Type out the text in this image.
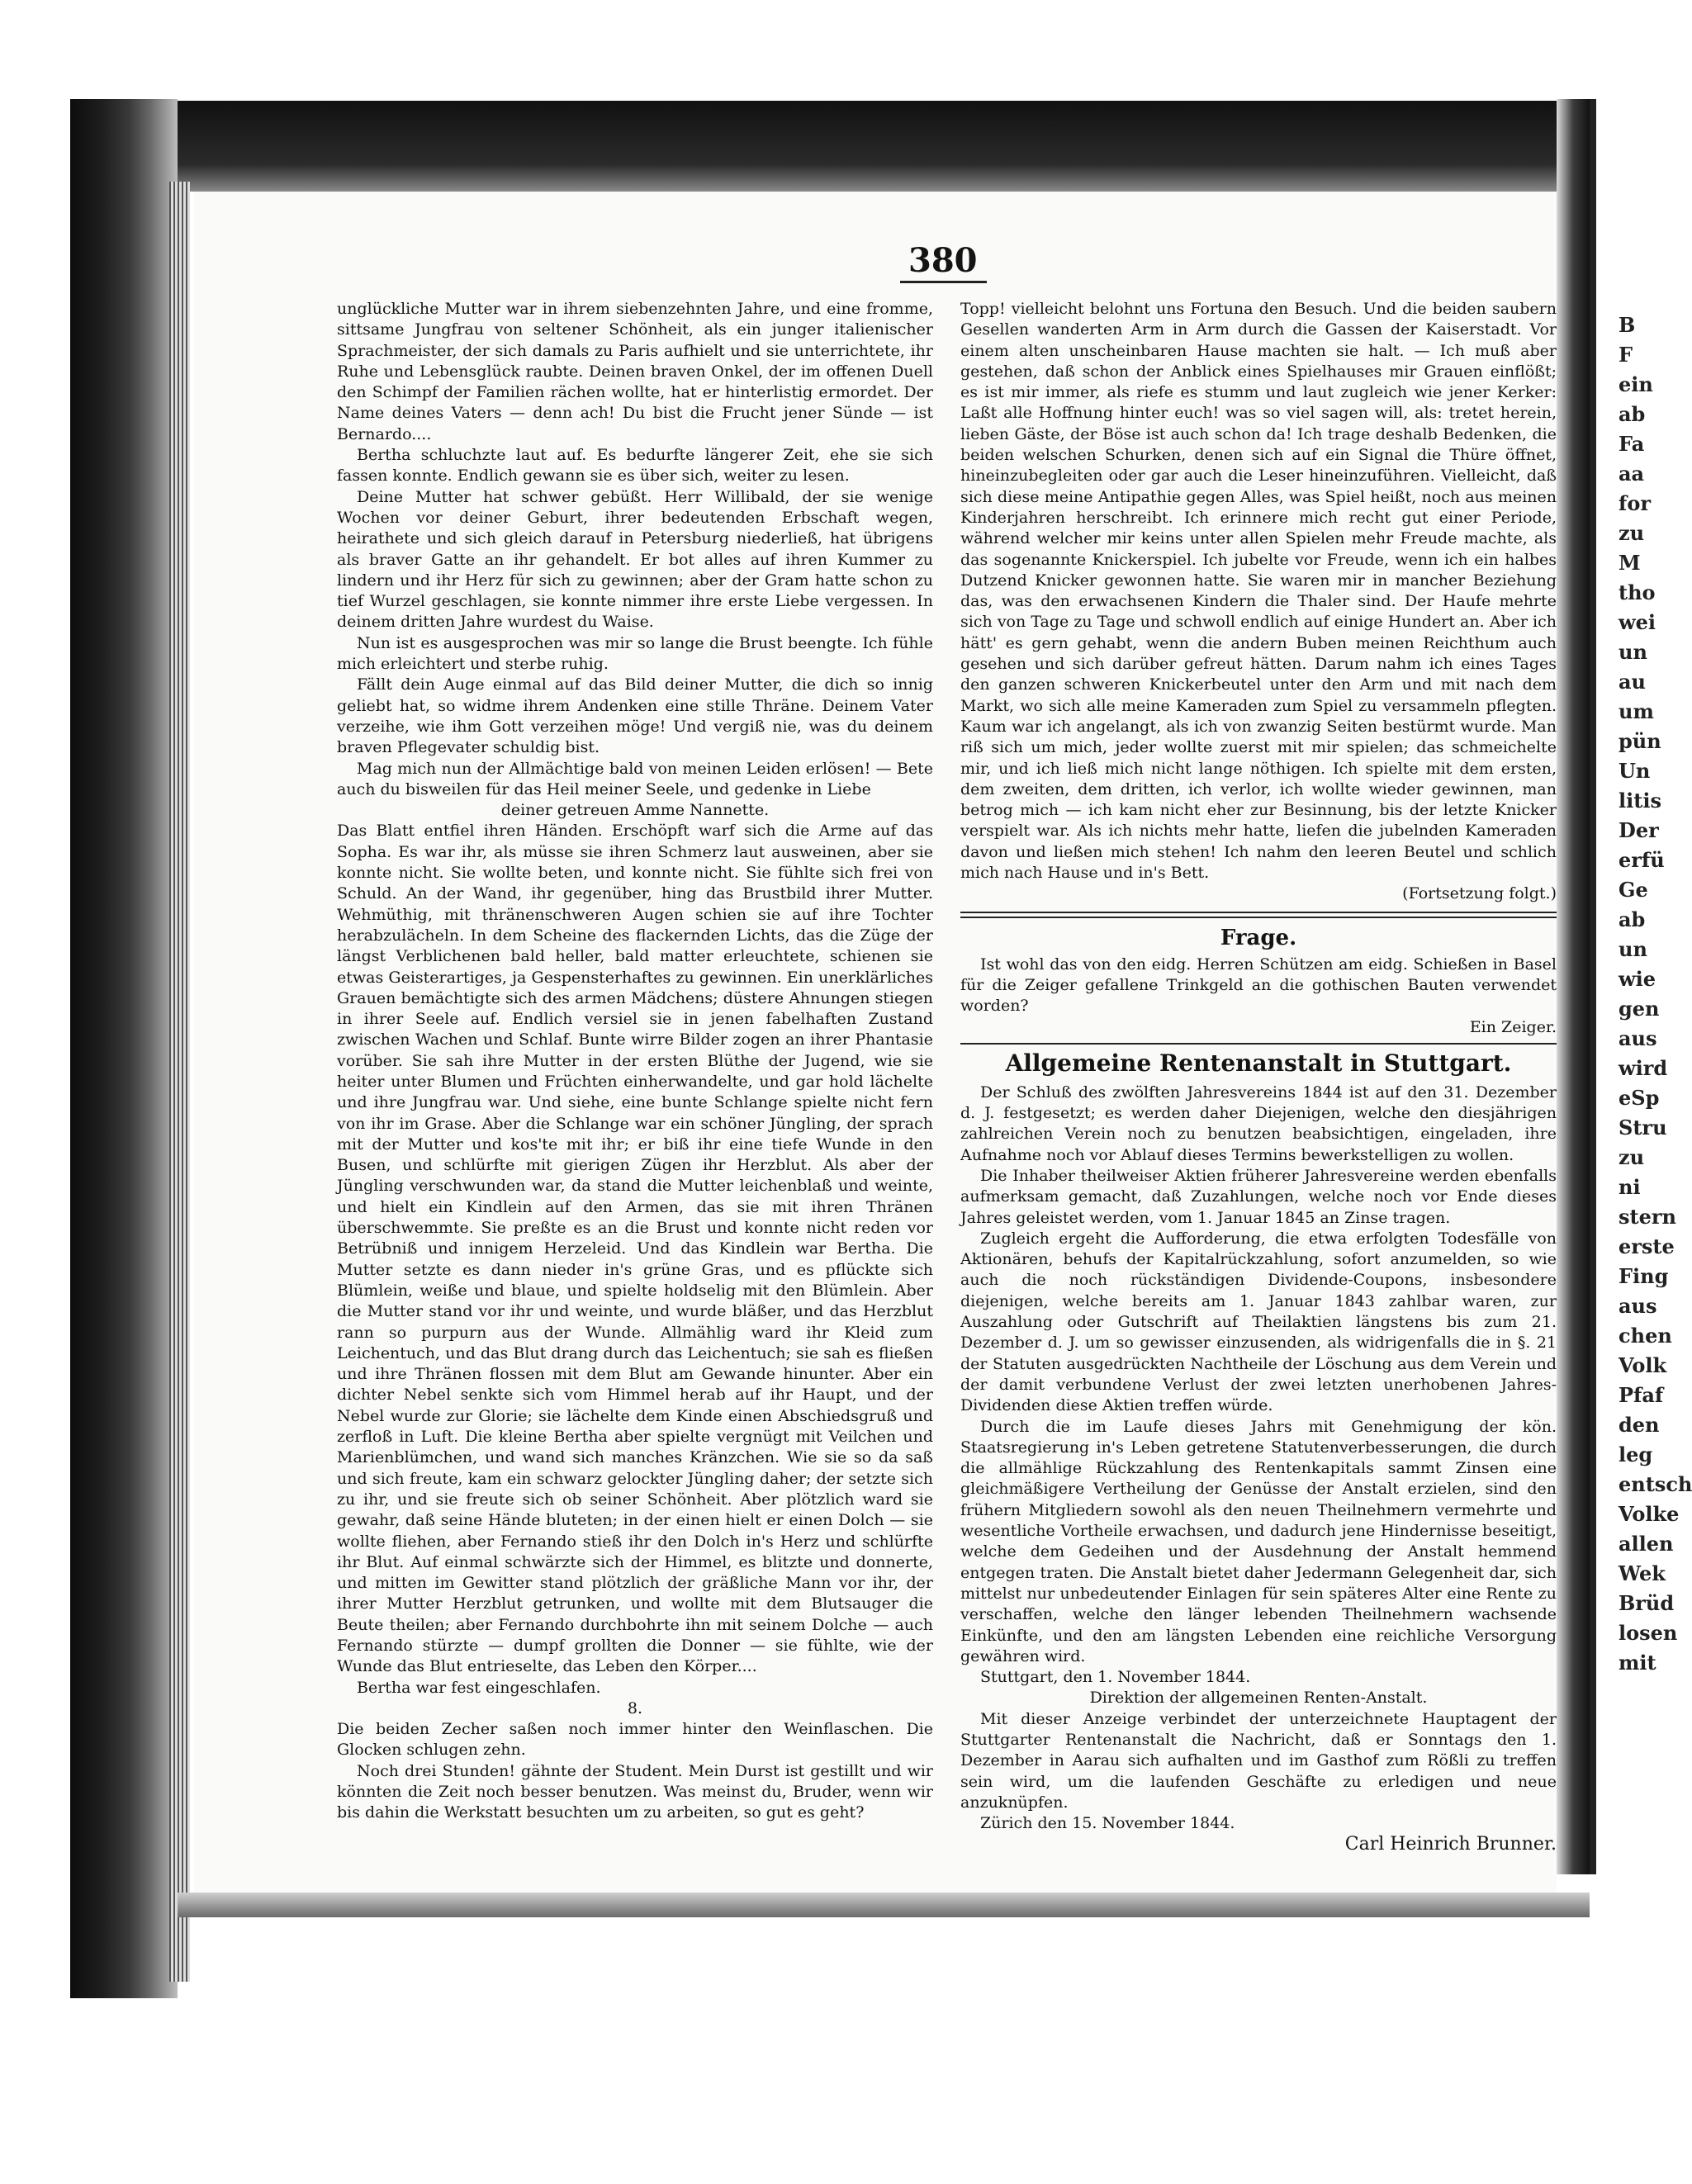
B
F
ein
ab
Fa
aa
for
zu
M
tho
wei
un
au
um
pün
Un
litis
Der
erfü
Ge
ab
un
wie
gen
aus
wird
eSp
Stru
zu
ni
stern
erste
Fing
aus
chen
Volk
Pfaf
den
leg
entsch
Volke
allen
Wek
Brüd
losen
mit
380

unglückliche Mutter war in ihrem siebenzehnten Jahre, und eine fromme, sittsame Jungfrau von seltener Schönheit, als ein junger italienischer Sprachmeister, der sich damals zu Paris aufhielt und sie unterrichtete, ihr Ruhe und Lebensglück raubte. Deinen braven Onkel, der im offenen Duell den Schimpf der Familien rächen wollte, hat er hinterlistig ermordet. Der Name deines Vaters — denn ach! Du bist die Frucht jener Sünde — ist Bernardo....

Bertha schluchzte laut auf. Es bedurfte längerer Zeit, ehe sie sich fassen konnte. Endlich gewann sie es über sich, weiter zu lesen.

Deine Mutter hat schwer gebüßt. Herr Willibald, der sie wenige Wochen vor deiner Geburt, ihrer bedeutenden Erbschaft wegen, heirathete und sich gleich darauf in Petersburg niederließ, hat übrigens als braver Gatte an ihr gehandelt. Er bot alles auf ihren Kummer zu lindern und ihr Herz für sich zu gewinnen; aber der Gram hatte schon zu tief Wurzel geschlagen, sie konnte nimmer ihre erste Liebe vergessen. In deinem dritten Jahre wurdest du Waise.

Nun ist es ausgesprochen was mir so lange die Brust beengte. Ich fühle mich erleichtert und sterbe ruhig.

Fällt dein Auge einmal auf das Bild deiner Mutter, die dich so innig geliebt hat, so widme ihrem Andenken eine stille Thräne. Deinem Vater verzeihe, wie ihm Gott verzeihen möge! Und vergiß nie, was du deinem braven Pflegevater schuldig bist.

Mag mich nun der Allmächtige bald von meinen Leiden erlösen! — Bete auch du bisweilen für das Heil meiner Seele, und gedenke in Liebe

deiner getreuen Amme Nannette.

Das Blatt entfiel ihren Händen. Erschöpft warf sich die Arme auf das Sopha. Es war ihr, als müsse sie ihren Schmerz laut ausweinen, aber sie konnte nicht. Sie wollte beten, und konnte nicht. Sie fühlte sich frei von Schuld. An der Wand, ihr gegenüber, hing das Brustbild ihrer Mutter. Wehmüthig, mit thränenschweren Augen schien sie auf ihre Tochter herabzulächeln. In dem Scheine des flackernden Lichts, das die Züge der längst Verblichenen bald heller, bald matter erleuchtete, schienen sie etwas Geisterartiges, ja Gespensterhaftes zu gewinnen. Ein unerklärliches Grauen bemächtigte sich des armen Mädchens; düstere Ahnungen stiegen in ihrer Seele auf. Endlich versiel sie in jenen fabelhaften Zustand zwischen Wachen und Schlaf. Bunte wirre Bilder zogen an ihrer Phantasie vorüber. Sie sah ihre Mutter in der ersten Blüthe der Jugend, wie sie heiter unter Blumen und Früchten einherwandelte, und gar hold lächelte und ihre Jungfrau war. Und siehe, eine bunte Schlange spielte nicht fern von ihr im Grase. Aber die Schlange war ein schöner Jüngling, der sprach mit der Mutter und kos'te mit ihr; er biß ihr eine tiefe Wunde in den Busen, und schlürfte mit gierigen Zügen ihr Herzblut. Als aber der Jüngling verschwunden war, da stand die Mutter leichenblaß und weinte, und hielt ein Kindlein auf den Armen, das sie mit ihren Thränen überschwemmte. Sie preßte es an die Brust und konnte nicht reden vor Betrübniß und innigem Herzeleid. Und das Kindlein war Bertha. Die Mutter setzte es dann nieder in's grüne Gras, und es pflückte sich Blümlein, weiße und blaue, und spielte holdselig mit den Blümlein. Aber die Mutter stand vor ihr und weinte, und wurde bläßer, und das Herzblut rann so purpurn aus der Wunde. Allmählig ward ihr Kleid zum Leichentuch, und das Blut drang durch das Leichentuch; sie sah es fließen und ihre Thränen flossen mit dem Blut am Gewande hinunter. Aber ein dichter Nebel senkte sich vom Himmel herab auf ihr Haupt, und der Nebel wurde zur Glorie; sie lächelte dem Kinde einen Abschiedsgruß und zerfloß in Luft. Die kleine Bertha aber spielte vergnügt mit Veilchen und Marienblümchen, und wand sich manches Kränzchen. Wie sie so da saß und sich freute, kam ein schwarz gelockter Jüngling daher; der setzte sich zu ihr, und sie freute sich ob seiner Schönheit. Aber plötzlich ward sie gewahr, daß seine Hände bluteten; in der einen hielt er einen Dolch — sie wollte fliehen, aber Fernando stieß ihr den Dolch in's Herz und schlürfte ihr Blut. Auf einmal schwärzte sich der Himmel, es blitzte und donnerte, und mitten im Gewitter stand plötzlich der gräßliche Mann vor ihr, der ihrer Mutter Herzblut getrunken, und wollte mit dem Blutsauger die Beute theilen; aber Fernando durchbohrte ihn mit seinem Dolche — auch Fernando stürzte — dumpf grollten die Donner — sie fühlte, wie der Wunde das Blut entrieselte, das Leben den Körper....

Bertha war fest eingeschlafen.

8.

Die beiden Zecher saßen noch immer hinter den Weinflaschen. Die Glocken schlugen zehn.

Noch drei Stunden! gähnte der Student. Mein Durst ist gestillt und wir könnten die Zeit noch besser benutzen. Was meinst du, Bruder, wenn wir bis dahin die Werkstatt besuchten um zu arbeiten, so gut es geht?

Topp! vielleicht belohnt uns Fortuna den Besuch. Und die beiden saubern Gesellen wanderten Arm in Arm durch die Gassen der Kaiserstadt. Vor einem alten unscheinbaren Hause machten sie halt. — Ich muß aber gestehen, daß schon der Anblick eines Spielhauses mir Grauen einflößt; es ist mir immer, als riefe es stumm und laut zugleich wie jener Kerker: Laßt alle Hoffnung hinter euch! was so viel sagen will, als: tretet herein, lieben Gäste, der Böse ist auch schon da! Ich trage deshalb Bedenken, die beiden welschen Schurken, denen sich auf ein Signal die Thüre öffnet, hineinzubegleiten oder gar auch die Leser hineinzuführen. Vielleicht, daß sich diese meine Antipathie gegen Alles, was Spiel heißt, noch aus meinen Kinderjahren herschreibt. Ich erinnere mich recht gut einer Periode, während welcher mir keins unter allen Spielen mehr Freude machte, als das sogenannte Knickerspiel. Ich jubelte vor Freude, wenn ich ein halbes Dutzend Knicker gewonnen hatte. Sie waren mir in mancher Beziehung das, was den erwachsenen Kindern die Thaler sind. Der Haufe mehrte sich von Tage zu Tage und schwoll endlich auf einige Hundert an. Aber ich hätt' es gern gehabt, wenn die andern Buben meinen Reichthum auch gesehen und sich darüber gefreut hätten. Darum nahm ich eines Tages den ganzen schweren Knickerbeutel unter den Arm und mit nach dem Markt, wo sich alle meine Kameraden zum Spiel zu versammeln pflegten. Kaum war ich angelangt, als ich von zwanzig Seiten bestürmt wurde. Man riß sich um mich, jeder wollte zuerst mit mir spielen; das schmeichelte mir, und ich ließ mich nicht lange nöthigen. Ich spielte mit dem ersten, dem zweiten, dem dritten, ich verlor, ich wollte wieder gewinnen, man betrog mich — ich kam nicht eher zur Besinnung, bis der letzte Knicker verspielt war. Als ich nichts mehr hatte, liefen die jubelnden Kameraden davon und ließen mich stehen! Ich nahm den leeren Beutel und schlich mich nach Hause und in's Bett.

(Fortsetzung folgt.)

Frage.

Ist wohl das von den eidg. Herren Schützen am eidg. Schießen in Basel für die Zeiger gefallene Trinkgeld an die gothischen Bauten verwendet worden?

Ein Zeiger.

Allgemeine Rentenanstalt in Stuttgart.

Der Schluß des zwölften Jahresvereins 1844 ist auf den 31. Dezember d. J. festgesetzt; es werden daher Diejenigen, welche den diesjährigen zahlreichen Verein noch zu benutzen beabsichtigen, eingeladen, ihre Aufnahme noch vor Ablauf dieses Termins bewerkstelligen zu wollen.

Die Inhaber theilweiser Aktien früherer Jahresvereine werden ebenfalls aufmerksam gemacht, daß Zuzahlungen, welche noch vor Ende dieses Jahres geleistet werden, vom 1. Januar 1845 an Zinse tragen.

Zugleich ergeht die Aufforderung, die etwa erfolgten Todesfälle von Aktionären, behufs der Kapitalrückzahlung, sofort anzumelden, so wie auch die noch rückständigen Dividende-Coupons, insbesondere diejenigen, welche bereits am 1. Januar 1843 zahlbar waren, zur Auszahlung oder Gutschrift auf Theilaktien längstens bis zum 21. Dezember d. J. um so gewisser einzusenden, als widrigenfalls die in §. 21 der Statuten ausgedrückten Nachtheile der Löschung aus dem Verein und der damit verbundene Verlust der zwei letzten unerhobenen Jahres-Dividenden diese Aktien treffen würde.

Durch die im Laufe dieses Jahrs mit Genehmigung der kön. Staatsregierung in's Leben getretene Statutenverbesserungen, die durch die allmählige Rückzahlung des Rentenkapitals sammt Zinsen eine gleichmäßigere Vertheilung der Genüsse der Anstalt erzielen, sind den frühern Mitgliedern sowohl als den neuen Theilnehmern vermehrte und wesentliche Vortheile erwachsen, und dadurch jene Hindernisse beseitigt, welche dem Gedeihen und der Ausdehnung der Anstalt hemmend entgegen traten. Die Anstalt bietet daher Jedermann Gelegenheit dar, sich mittelst nur unbedeutender Einlagen für sein späteres Alter eine Rente zu verschaffen, welche den länger lebenden Theilnehmern wachsende Einkünfte, und den am längsten Lebenden eine reichliche Versorgung gewähren wird.

Stuttgart, den 1. November 1844.

Direktion der allgemeinen Renten-Anstalt.

Mit dieser Anzeige verbindet der unterzeichnete Hauptagent der Stuttgarter Rentenanstalt die Nachricht, daß er Sonntags den 1. Dezember in Aarau sich aufhalten und im Gasthof zum Rößli zu treffen sein wird, um die laufenden Geschäfte zu erledigen und neue anzuknüpfen.

Zürich den 15. November 1844.

Carl Heinrich Brunner.
